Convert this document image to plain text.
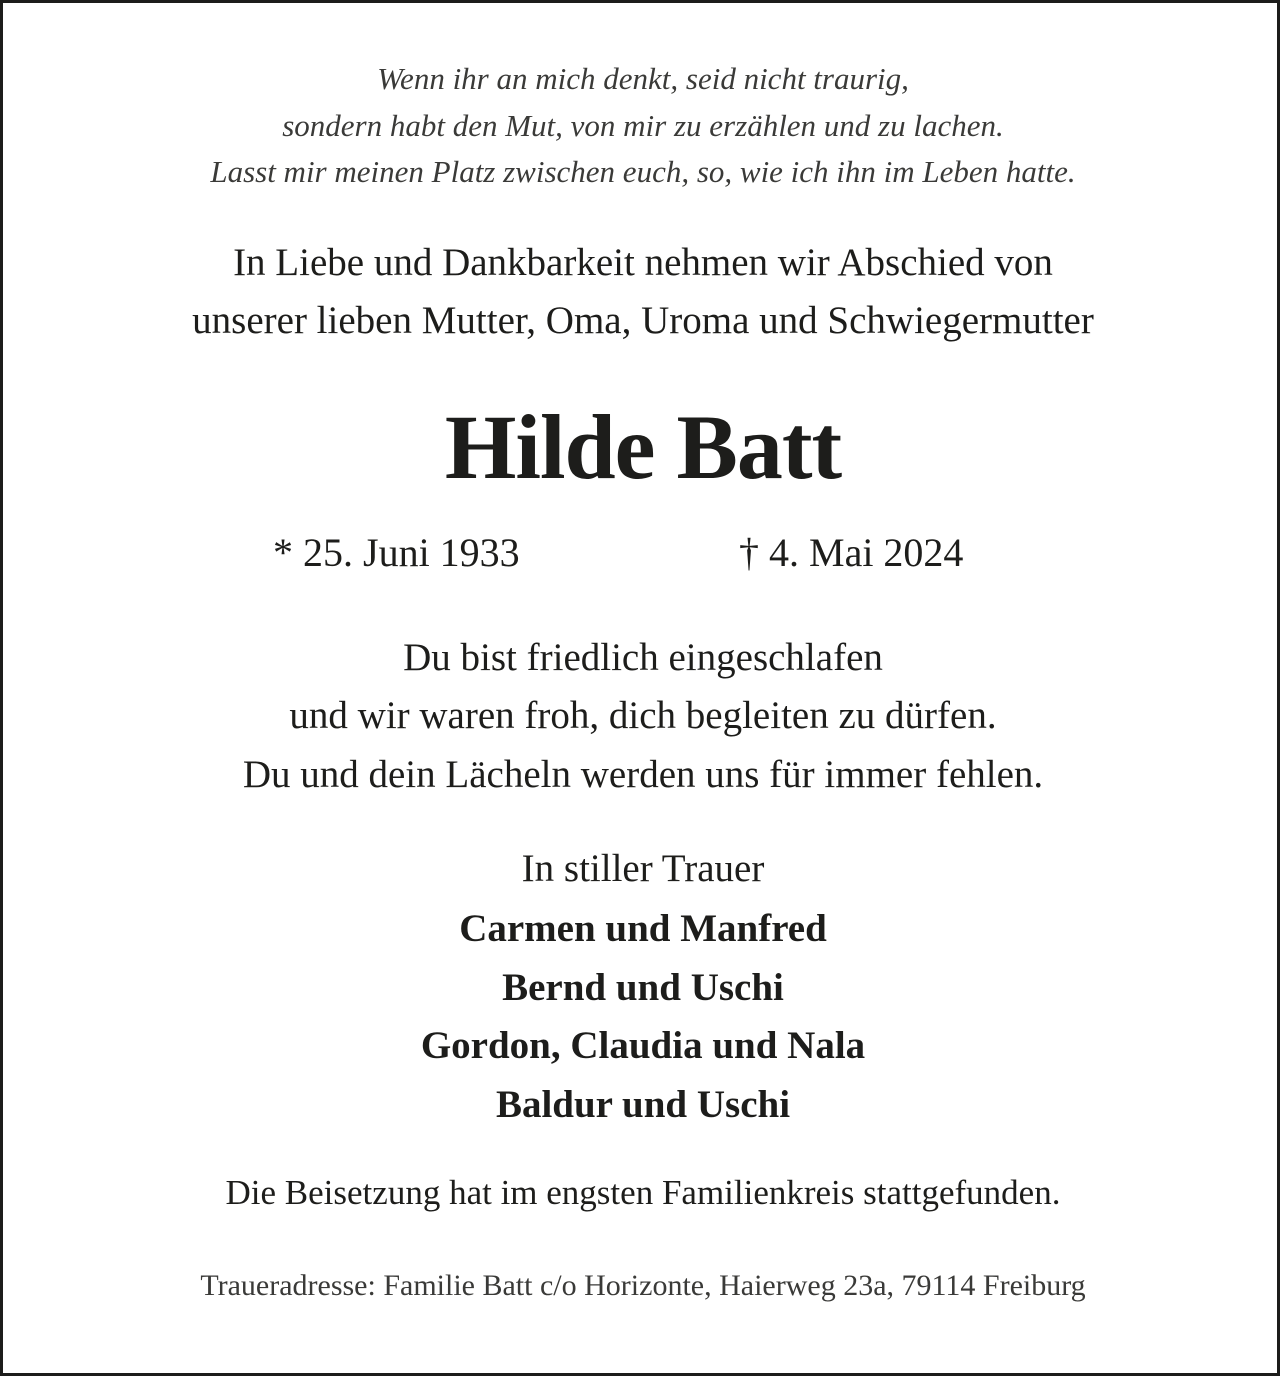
Wenn ihr an mich denkt, seid nicht traurig,
sondern habt den Mut, von mir zu erzählen und zu lachen.
Lasst mir meinen Platz zwischen euch, so, wie ich ihn im Leben hatte.
In Liebe und Dankbarkeit nehmen wir Abschied von
unserer lieben Mutter, Oma, Uroma und Schwiegermutter
Hilde Batt
* 25. Juni 1933	† 4. Mai 2024
Du bist friedlich eingeschlafen
und wir waren froh, dich begleiten zu dürfen.
Du und dein Lächeln werden uns für immer fehlen.
In stiller Trauer
Carmen und Manfred
Bernd und Uschi
Gordon, Claudia und Nala
Baldur und Uschi
Die Beisetzung hat im engsten Familienkreis stattgefunden.
Traueradresse: Familie Batt c/o Horizonte, Haierweg 23a, 79114 Freiburg
